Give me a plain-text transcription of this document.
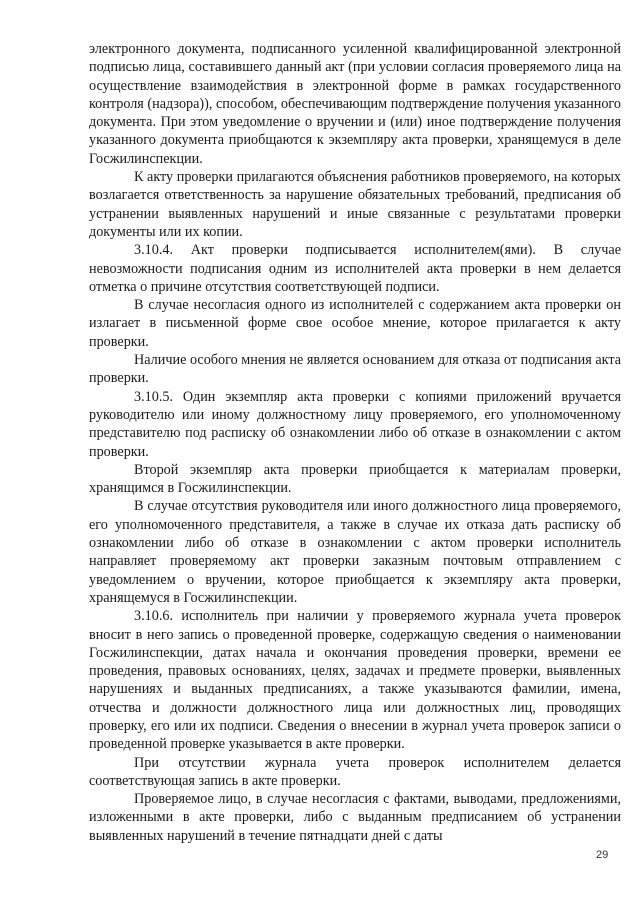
электронного документа, подписанного усиленной квалифицированной электронной подписью лица, составившего данный акт (при условии согласия проверяемого лица на осуществление взаимодействия в электронной форме в рамках государственного контроля (надзора)), способом, обеспечивающим подтверждение получения указанного документа. При этом уведомление о вручении и (или) иное подтверждение получения указанного документа приобщаются к экземпляру акта проверки, хранящемуся в деле Госжилинспекции.

К акту проверки прилагаются объяснения работников проверяемого, на которых возлагается ответственность за нарушение обязательных требований, предписания об устранении выявленных нарушений и иные связанные с результатами проверки документы или их копии.

3.10.4. Акт проверки подписывается исполнителем(ями). В случае невозможности подписания одним из исполнителей акта проверки в нем делается отметка о причине отсутствия соответствующей подписи.

В случае несогласия одного из исполнителей с содержанием акта проверки он излагает в письменной форме свое особое мнение, которое прилагается к акту проверки.

Наличие особого мнения не является основанием для отказа от подписания акта проверки.

3.10.5. Один экземпляр акта проверки с копиями приложений вручается руководителю или иному должностному лицу проверяемого, его уполномоченному представителю под расписку об ознакомлении либо об отказе в ознакомлении с актом проверки.

Второй экземпляр акта проверки приобщается к материалам проверки, хранящимся в Госжилинспекции.

В случае отсутствия руководителя или иного должностного лица проверяемого, его уполномоченного представителя, а также в случае их отказа дать расписку об ознакомлении либо об отказе в ознакомлении с актом проверки исполнитель направляет проверяемому акт проверки заказным почтовым отправлением с уведомлением о вручении, которое приобщается к экземпляру акта проверки, хранящемуся в Госжилинспекции.

3.10.6. исполнитель при наличии у проверяемого журнала учета проверок вносит в него запись о проведенной проверке, содержащую сведения о наименовании Госжилинспекции, датах начала и окончания проведения проверки, времени ее проведения, правовых основаниях, целях, задачах и предмете проверки, выявленных нарушениях и выданных предписаниях, а также указываются фамилии, имена, отчества и должности должностного лица или должностных лиц, проводящих проверку, его или их подписи. Сведения о внесении в журнал учета проверок записи о проведенной проверке указывается в акте проверки.

При отсутствии журнала учета проверок исполнителем делается соответствующая запись в акте проверки.

Проверяемое лицо, в случае несогласия с фактами, выводами, предложениями, изложенными в акте проверки, либо с выданным предписанием об устранении выявленных нарушений в течение пятнадцати дней с даты

29
